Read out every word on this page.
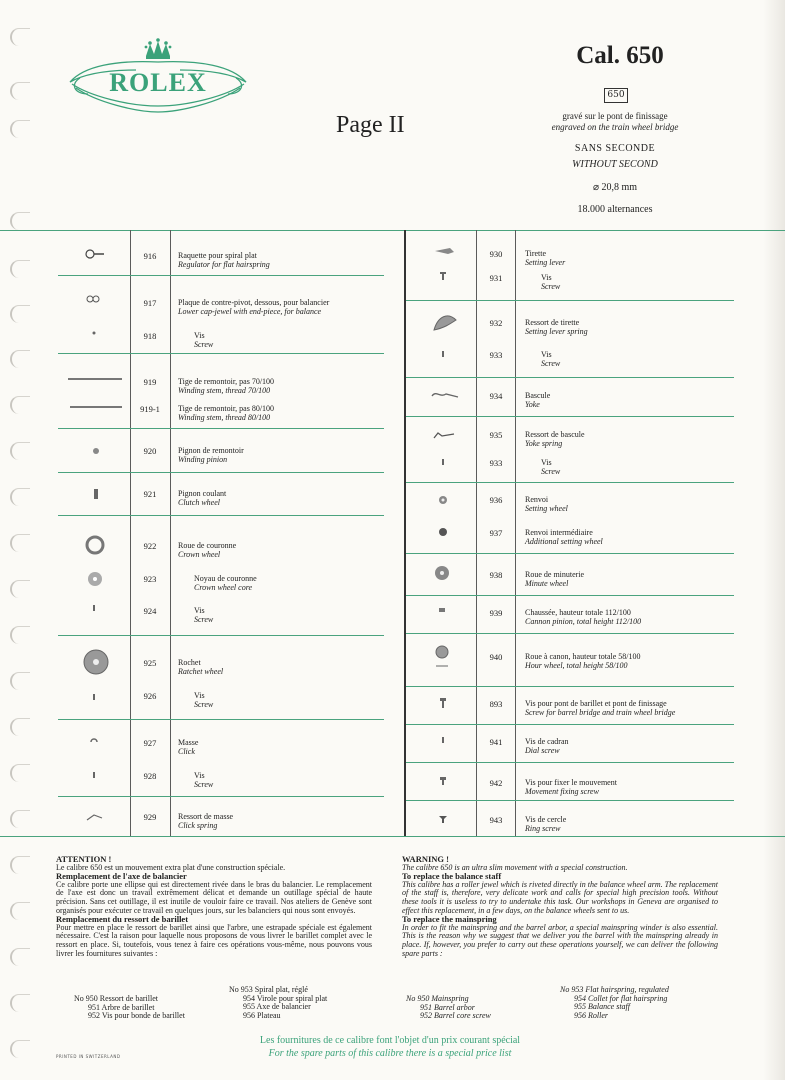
ROLEX
Page II
Cal. 650
650
gravé sur le pont de finissage
engraved on the train wheel bridge
SANS SECONDE
WITHOUT SECOND
⌀ 20,8 mm
18.000 alternances
916	Raquette pour spiral plat
Regulator for flat hairspring
917	Plaque de contre-pivot, dessous, pour balancier
Lower cap-jewel with end-piece, for balance
918	Vis
Screw
919	Tige de remontoir, pas 70/100
Winding stem, thread 70/100
919-1	Tige de remontoir, pas 80/100
Winding stem, thread 80/100
920	Pignon de remontoir
Winding pinion
921	Pignon coulant
Clutch wheel
922	Roue de couronne
Crown wheel
923	Noyau de couronne
Crown wheel core
924	Vis
Screw
925	Rochet
Ratchet wheel
926	Vis
Screw
927	Masse
Click
928	Vis
Screw
929	Ressort de masse
Click spring
930	Tirette
Setting lever
931	Vis
Screw
932	Ressort de tirette
Setting lever spring
933	Vis
Screw
934	Bascule
Yoke
935	Ressort de bascule
Yoke spring
933	Vis
Screw
936	Renvoi
Setting wheel
937	Renvoi intermédiaire
Additional setting wheel
938	Roue de minuterie
Minute wheel
939	Chaussée, hauteur totale 112/100
Cannon pinion, total height 112/100
940	Roue à canon, hauteur totale 58/100
Hour wheel, total height 58/100
893	Vis pour pont de barillet et pont de finissage
Screw for barrel bridge and train wheel bridge
941	Vis de cadran
Dial screw
942	Vis pour fixer le mouvement
Movement fixing screw
943	Vis de cercle
Ring screw
ATTENTION !

Le calibre 650 est un mouvement extra plat d'une construction spéciale.

Remplacement de l'axe de balancier

Ce calibre porte une ellipse qui est directement rivée dans le bras du balancier. Le remplacement de l'axe est donc un travail extrêmement délicat et demande un outillage spécial de haute précision. Sans cet outillage, il est inutile de vouloir faire ce travail. Nos ateliers de Genève sont organisés pour exécuter ce travail en quelques jours, sur les balanciers qui nous sont envoyés.

Remplacement du ressort de barillet

Pour mettre en place le ressort de barillet ainsi que l'arbre, une estrapade spéciale est également nécessaire. C'est la raison pour laquelle nous proposons de vous livrer le barillet complet avec le ressort en place. Si, toutefois, vous tenez à faire ces opérations vous-même, nous pouvons vous livrer les fournitures suivantes :

No 950 Ressort de barillet
951 Arbre de barillet
952 Vis pour bonde de barillet
No 953 Spiral plat, réglé
954 Virole pour spiral plat
955 Axe de balancier
956 Plateau
WARNING !

The calibre 650 is an ultra slim movement with a special construction.

To replace the balance staff

This calibre has a roller jewel which is riveted directly in the balance wheel arm. The replacement of the staff is, therefore, very delicate work and calls for special high precision tools. Without these tools it is useless to try to undertake this task. Our workshops in Geneva are organised to effect this replacement, in a few days, on the balance wheels sent to us.

To replace the mainspring

In order to fit the mainspring and the barrel arbor, a special mainspring winder is also essential. This is the reason why we suggest that we deliver you the barrel with the mainspring already in place. If, however, you prefer to carry out these operations yourself, we can deliver the following spare parts :

No 950 Mainspring
951 Barrel arbor
952 Barrel core screw
No 953 Flat hairspring, regulated
954 Collet for flat hairspring
955 Balance staff
956 Roller
Les fournitures de ce calibre font l'objet d'un prix courant spécial
For the spare parts of this calibre there is a special price list
PRINTED IN SWITZERLAND
